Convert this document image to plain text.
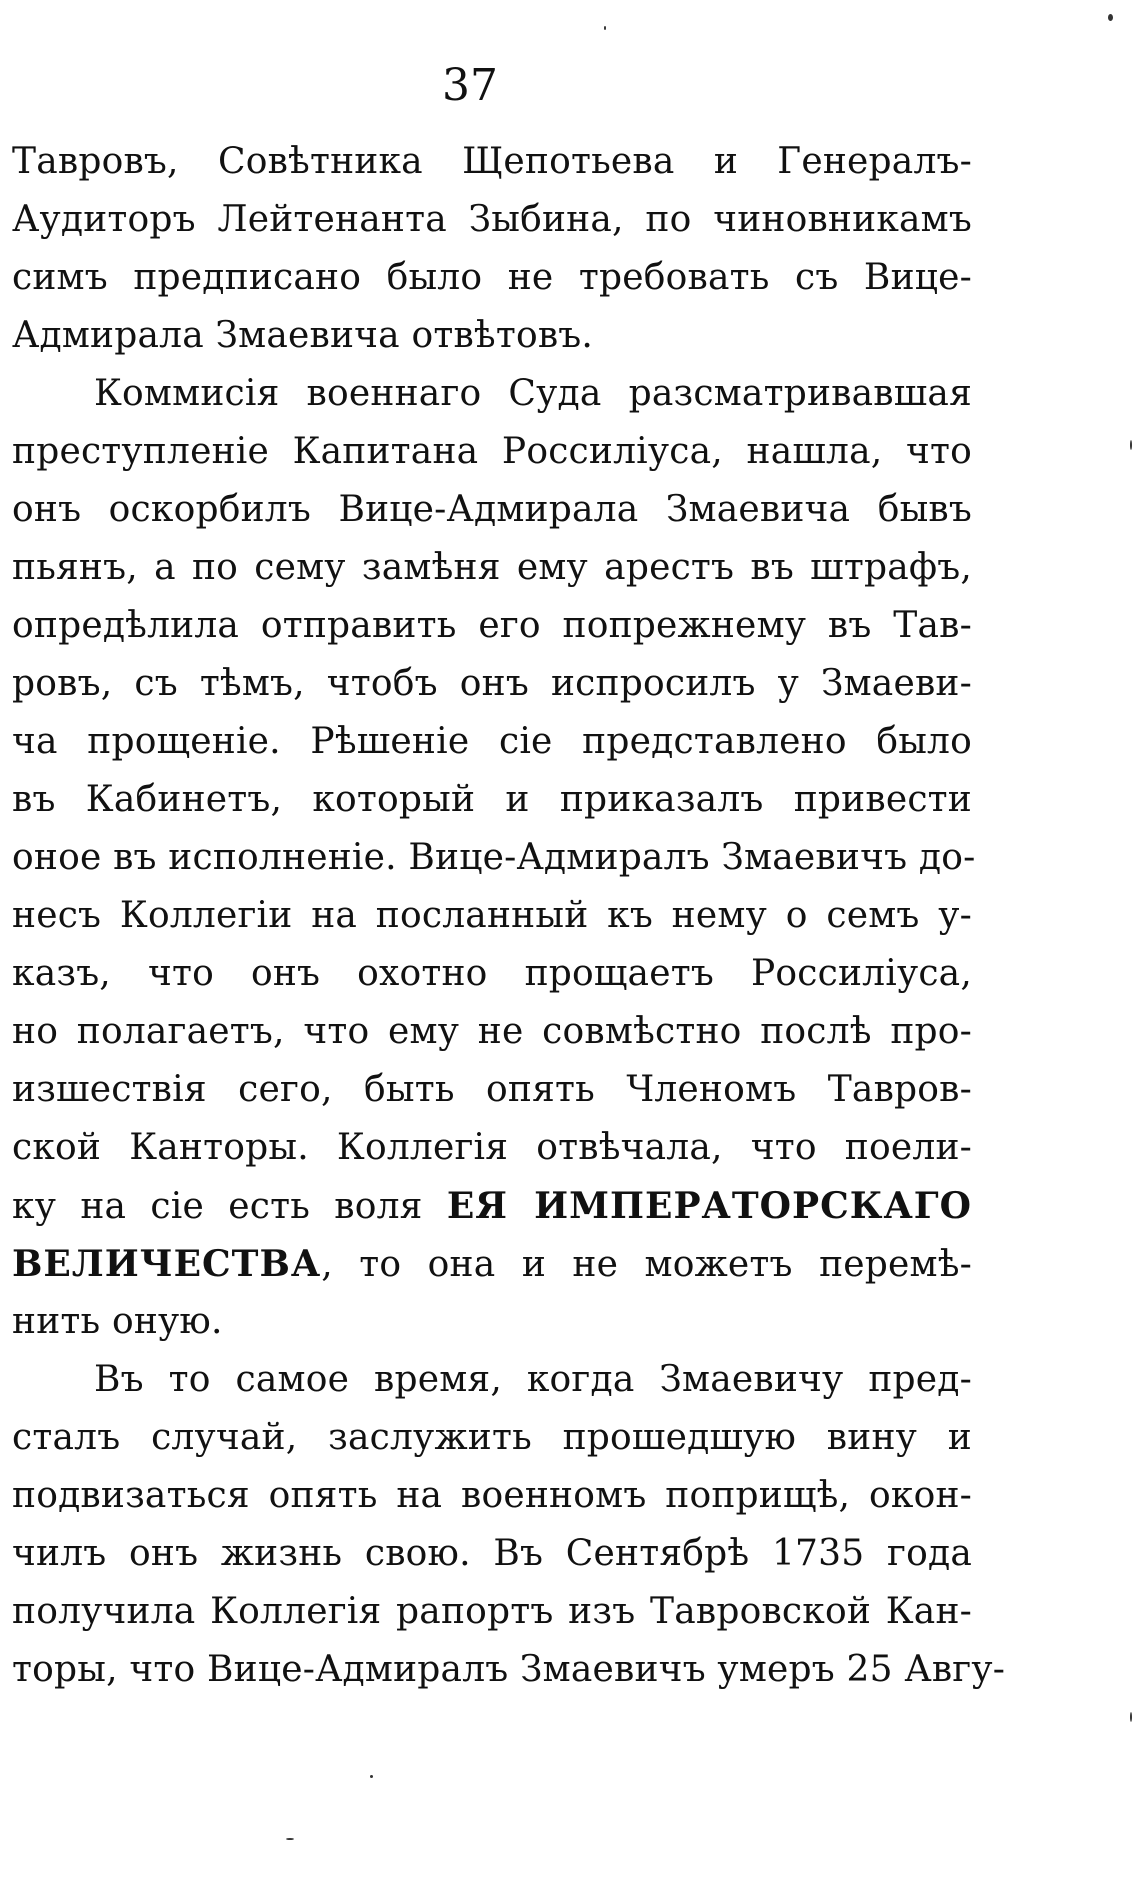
37
Тавровъ, Совѣтника Щепотьева и Генералъ-
Аудиторъ Лейтенанта Зыбина, по чиновникамъ
симъ предписано было не требовать съ Вице-
Адмирала Змаевича отвѣтовъ.
Коммисія военнаго Суда разсматривавшая
преступленіе Капитана Россиліуса, нашла, что
онъ оскорбилъ Вице-Адмирала Змаевича бывъ
пьянъ, а по сему замѣня ему арестъ въ штрафъ,
опредѣлила отправить его попрежнему въ Тав-
ровъ, съ тѣмъ, чтобъ онъ испросилъ у Змаеви-
ча прощеніе. Рѣшеніе сіе представлено было
въ Кабинетъ, который и приказалъ привести
оное въ исполненіе. Вице-Адмиралъ Змаевичъ до-
несъ Коллегіи на посланный къ нему о семъ у-
казъ, что онъ охотно прощаетъ Россиліуса,
но полагаетъ, что ему не совмѣстно послѣ про-
изшествія сего, быть опять Членомъ Тавров-
ской Канторы. Коллегія отвѣчала, что поели-
ку на сіе есть воля ЕЯ ИМПЕРАТОРСКАГО
ВЕЛИЧЕСТВА, то она и не можетъ перемѣ-
нить оную.
Въ то самое время, когда Змаевичу пред-
сталъ случай, заслужить прошедшую вину и
подвизаться опять на военномъ поприщѣ, окон-
чилъ онъ жизнь свою. Въ Сентябрѣ 1735 года
получила Коллегія рапортъ изъ Тавровской Кан-
торы, что Вице-Адмиралъ Змаевичъ умеръ 25 Авгу-
